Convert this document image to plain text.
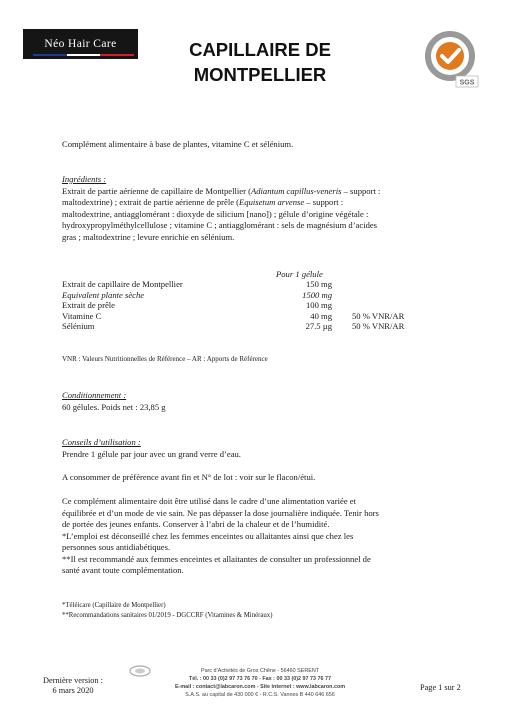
Néo Hair Care	CAPILLAIRE DE
MONTPELLIER	SGS
Complément alimentaire à base de plantes, vitamine C et sélénium.
Ingrédients :
Extrait de partie aérienne de capillaire de Montpellier (Adiantum capillus-veneris – support :
maltodextrine) ; extrait de partie aérienne de prêle (Equisetum arvense – support :
maltodextrine, antiagglomérant : dioxyde de silicium [nano]) ; gélule d’origine végétale :
hydroxypropylméthylcellulose ; vitamine C ; antiagglomérant : sels de magnésium d’acides
gras ; maltodextrine ; levure enrichie en sélénium.
Pour 1 gélule
Extrait de capillaire de Montpellier	150 mg
Equivalent plante sèche	1500 mg
Extrait de prêle	100 mg
Vitamine C	40 mg 50 % VNR/AR
Sélénium	27.5 µg 50 % VNR/AR
VNR : Valeurs Nutritionnelles de Référence – AR : Apports de Référence
Conditionnement :
60 gélules. Poids net : 23,85 g
Conseils d’utilisation :
Prendre 1 gélule par jour avec un grand verre d’eau.
A consommer de préférence avant fin et N° de lot : voir sur le flacon/étui.
Ce complément alimentaire doit être utilisé dans le cadre d’une alimentation variée et
équilibrée et d’un mode de vie sain. Ne pas dépasser la dose journalière indiquée. Tenir hors
de portée des jeunes enfants. Conserver à l’abri de la chaleur et de l’humidité.
*L’emploi est déconseillé chez les femmes enceintes ou allaitantes ainsi que chez les
personnes sous antidiabétiques.
**Il est recommandé aux femmes enceintes et allaitantes de consulter un professionnel de
santé avant toute complémentation.
*Téléicare (Capillaire de Montpellier)
**Recommandations sanitaires 01/2019 - DGCCRF (Vitamines & Minéraux)
Dernière version :
6 mars 2020
Parc d’Activités de Gros Chêne - 56460 SERENT
Tél. : 00 33 (0)2 97 73 76 70 - Fax : 00 33 (0)2 97 73 76 77
E-mail : contact@labcaron.com - Site internet : www.labcaron.com
S.A.S. au capital de 430 000 € - R.C.S. Vannes B 440 646 656
Page 1 sur 2
